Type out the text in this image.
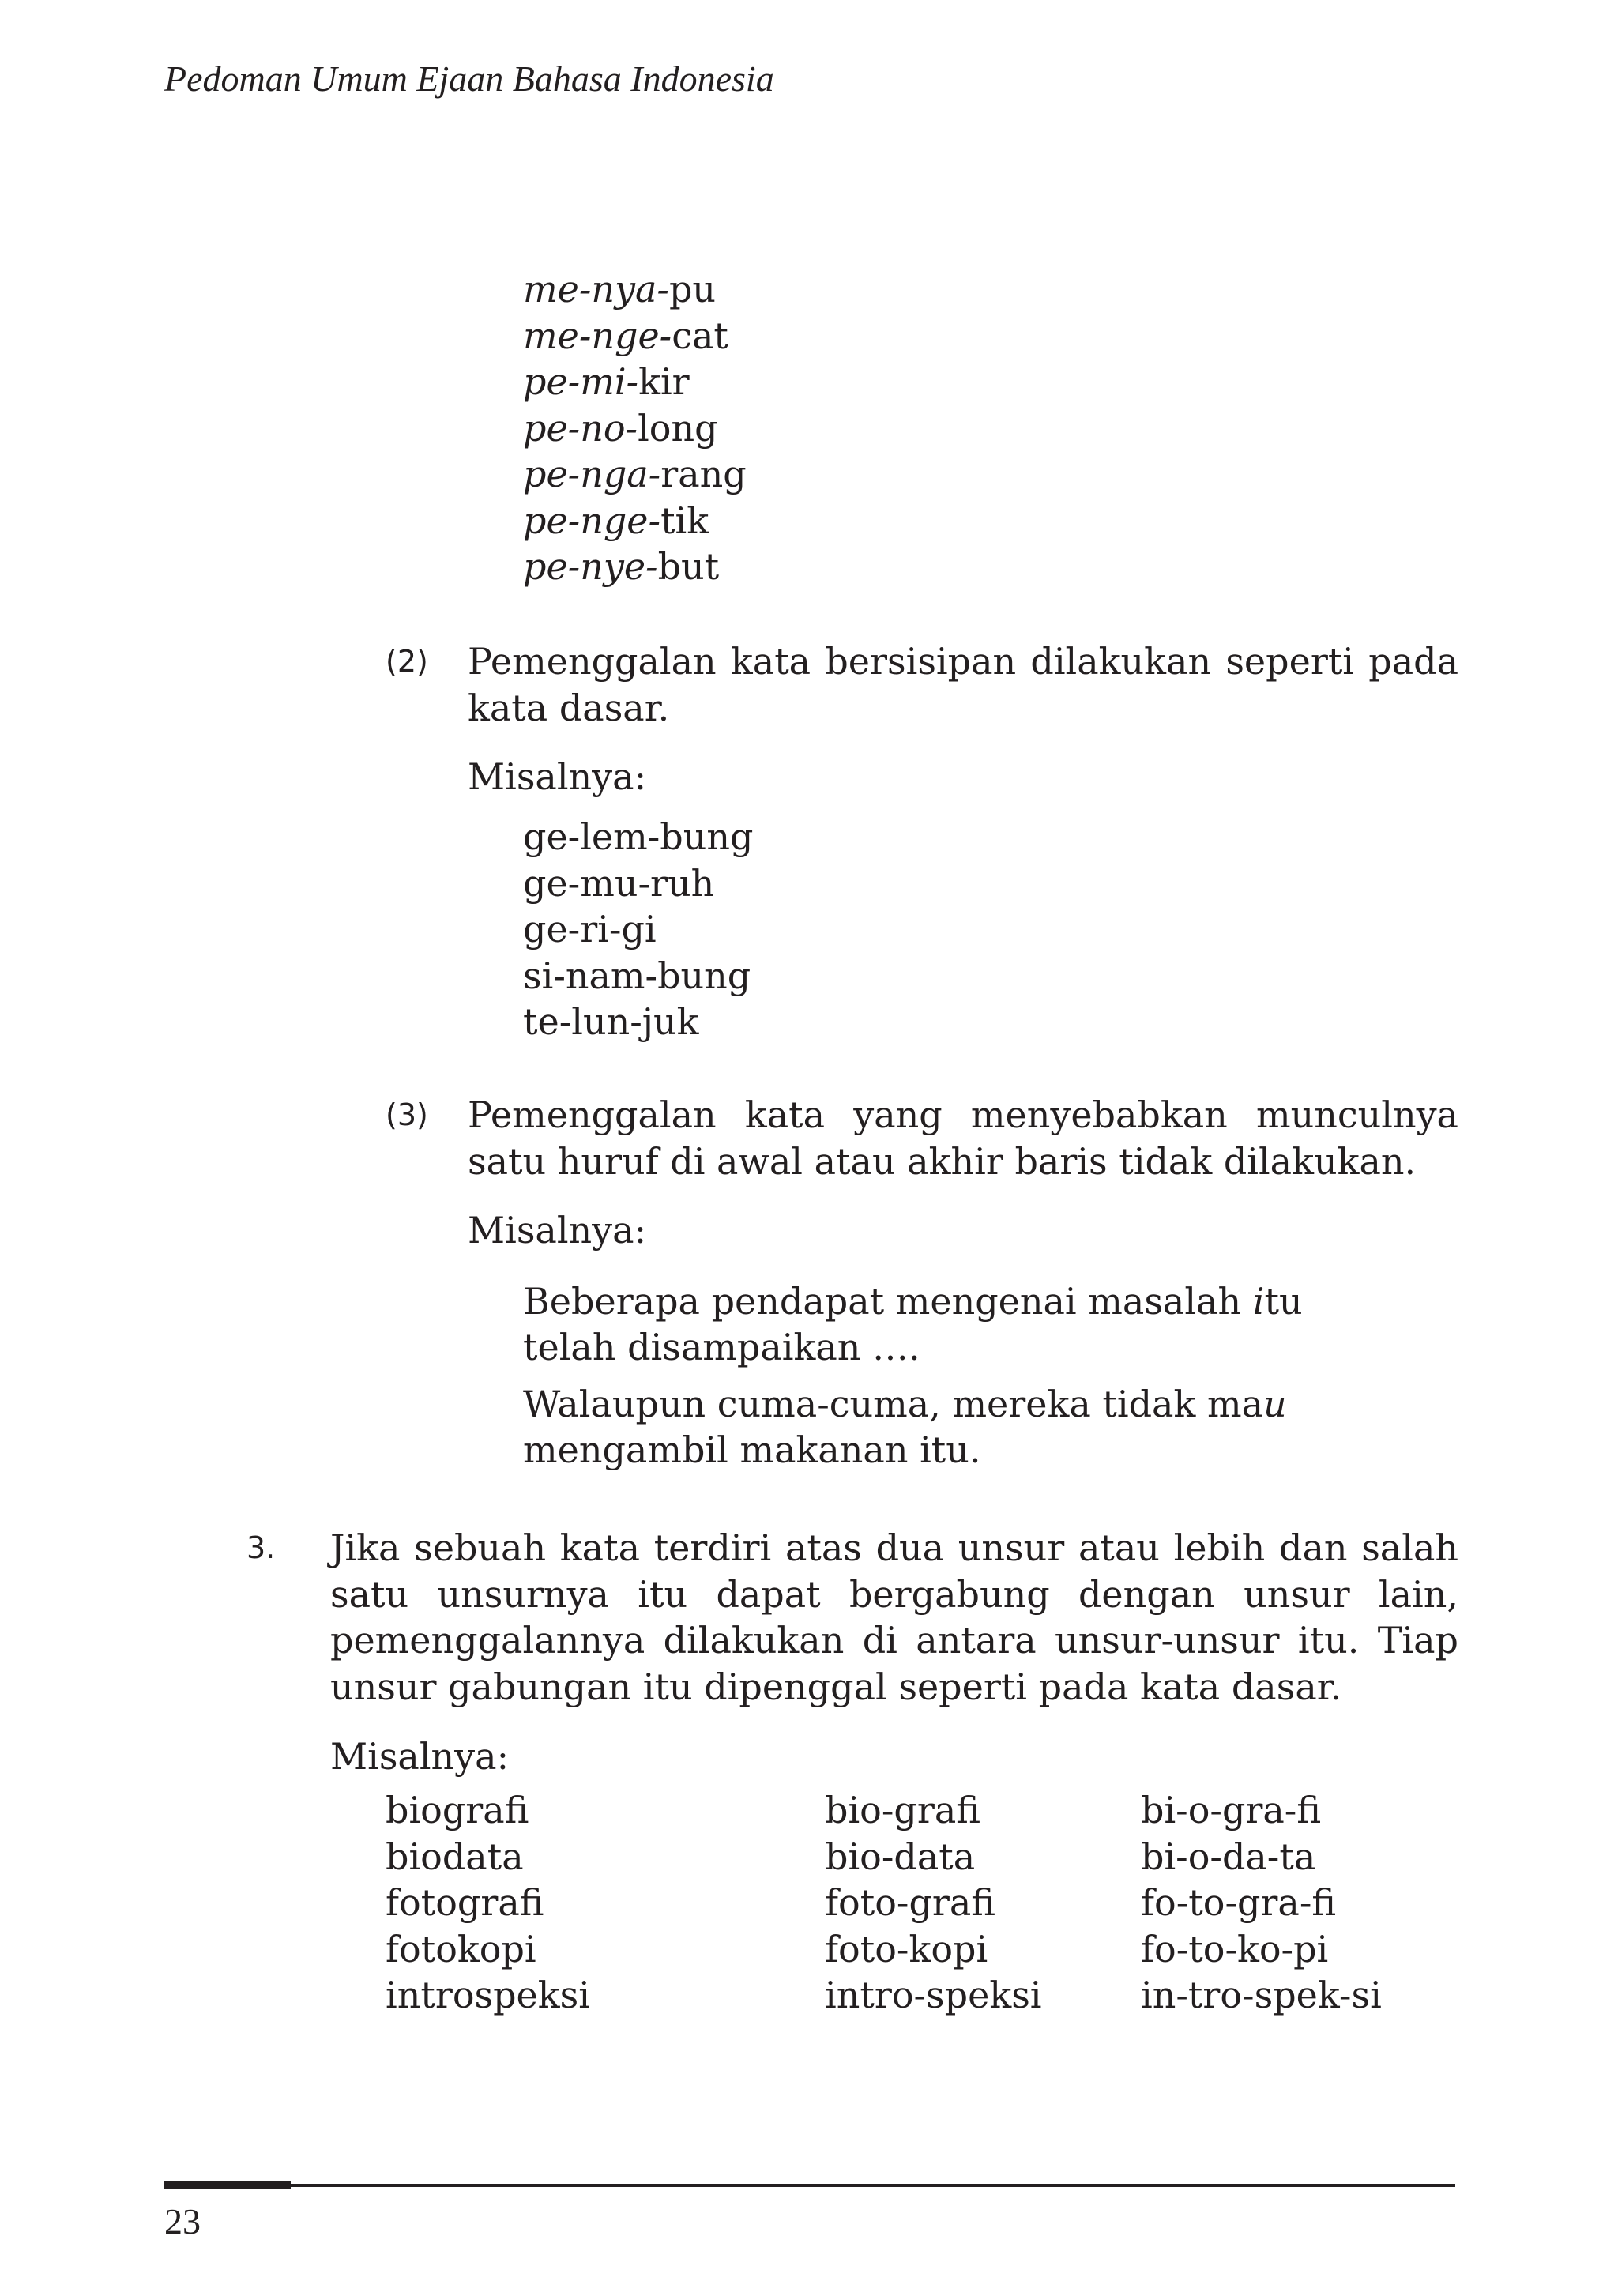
Pedoman Umum Ejaan Bahasa Indonesia
me-nya-pu
me-nge-cat
pe-mi-kir
pe-no-long
pe-nga-rang
pe-nge-tik
pe-nye-but
(2) Pemenggalan kata bersisipan dilakukan seperti pada kata dasar.

Misalnya:

ge-lem-bung
ge-mu-ruh
ge-ri-gi
si-nam-bung
te-lun-juk
(3) Pemenggalan kata yang menyebabkan munculnya satu huruf di awal atau akhir baris tidak dilakukan.

Misalnya:

Beberapa pendapat mengenai masalah itu

telah disampaikan ….

Walaupun cuma-cuma, mereka tidak mau

mengambil makanan itu.

3. Jika sebuah kata terdiri atas dua unsur atau lebih dan salah satu unsurnya itu dapat bergabung dengan unsur lain, pemenggalannya dilakukan di antara unsur-unsur itu. Tiap unsur gabungan itu dipenggal seperti pada kata dasar.

Misalnya:

biografi
biodata
fotografi
fotokopi
introspeksi
bio-grafi
bio-data
foto-grafi
foto-kopi
intro-speksi
bi-o-gra-fi
bi-o-da-ta
fo-to-gra-fi
fo-to-ko-pi
in-tro-spek-si
23
